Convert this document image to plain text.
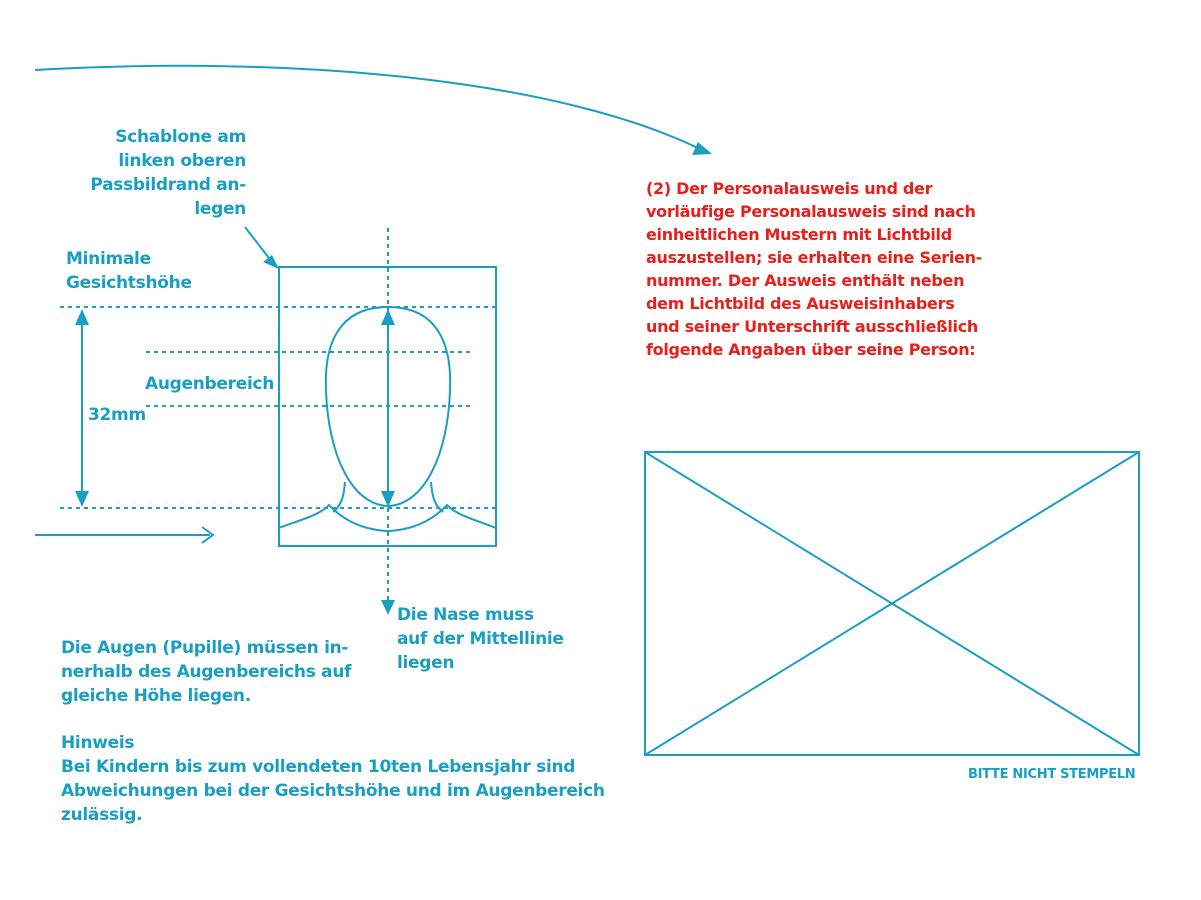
Schablone am
linken oberen
Passbildrand an-
legen

Minimale
Gesichtshöhe

Augenbereich

32mm

Die Nase muss
auf der Mittellinie
liegen

Die Augen (Pupille) müssen in-
nerhalb des Augenbereichs auf
gleiche Höhe liegen.

Hinweis

Bei Kindern bis zum vollendeten 10ten Lebensjahr sind
Abweichungen bei der Gesichtshöhe und im Augenbereich
zulässig.

(2) Der Personalausweis und der
vorläufige Personalausweis sind nach
einheitlichen Mustern mit Lichtbild
auszustellen; sie erhalten eine Serien-
nummer. Der Ausweis enthält neben
dem Lichtbild des Ausweisinhabers
und seiner Unterschrift ausschließlich
folgende Angaben über seine Person:

BITTE NICHT STEMPELN
